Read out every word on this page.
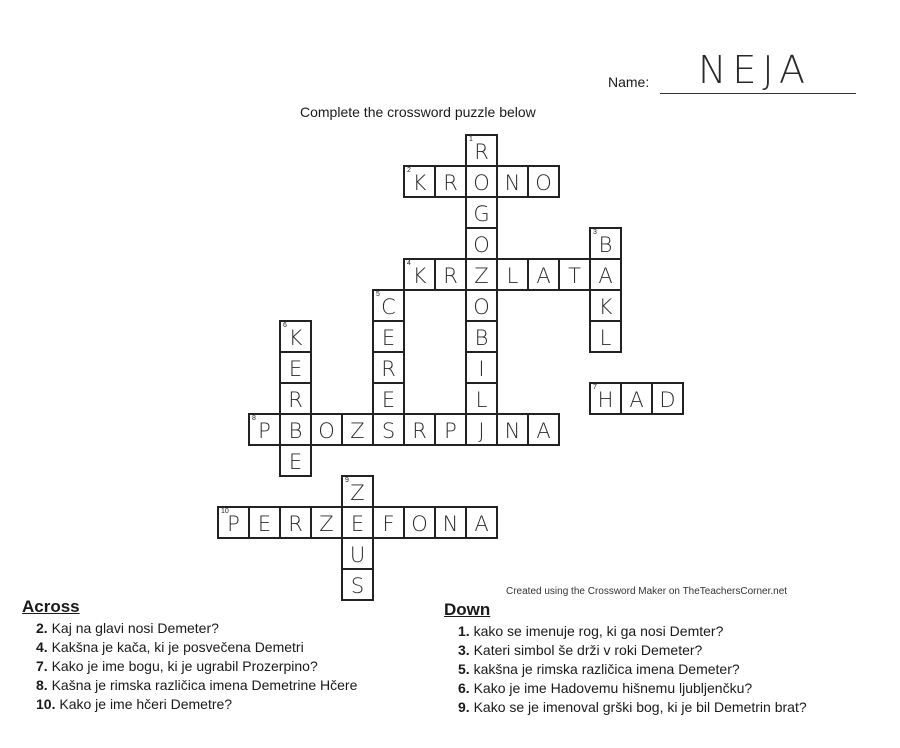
Name: NEJA
Complete the crossword puzzle below
1
R
O
G
O
Z
O
B
I
L
J
2
K R	N O
3
B
A
K
L
4
K R	L A T
5
C
E
R
E
S
6
K
E
R
B
E
7
H A D
8
P	O Z	R P	N A
9
Z
E
U
S
10
P E R Z	F O N A
Created using the Crossword Maker on TheTeachersCorner.net
Across
2. Kaj na glavi nosi Demeter?
4. Kakšna je kača, ki je posvečena Demetri
7. Kako je ime bogu, ki je ugrabil Prozerpino?
8. Kašna je rimska različica imena Demetrine Hčere
10. Kako je ime hčeri Demetre?
Down
1. kako se imenuje rog, ki ga nosi Demter?
3. Kateri simbol še drži v roki Demeter?
5. kakšna je rimska različica imena Demeter?
6. Kako je ime Hadovemu hišnemu ljubljenčku?
9. Kako se je imenoval grški bog, ki je bil Demetrin brat?
